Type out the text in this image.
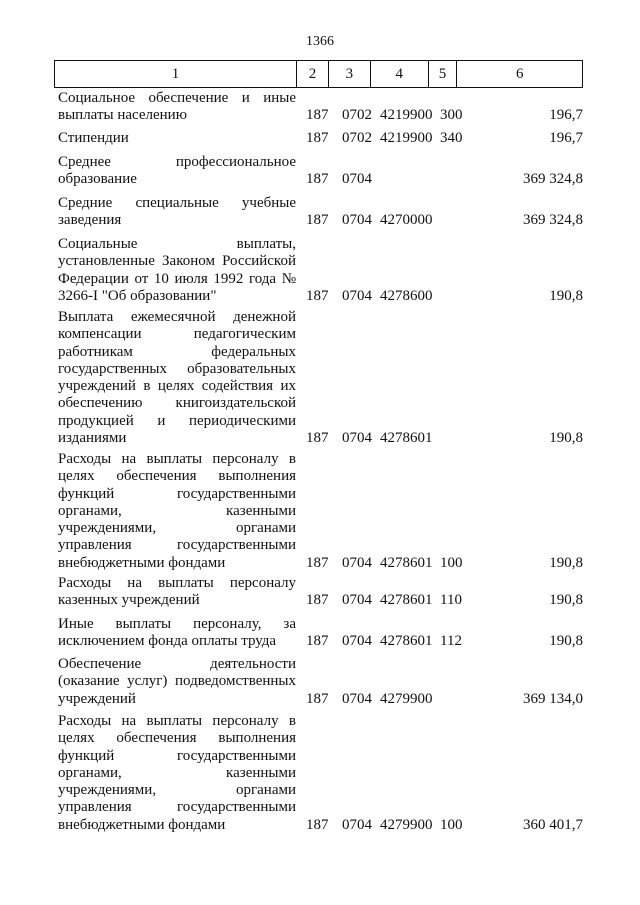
1366
1	2	3	4	5	6
Социальное обеспечение и иные выплаты населению	187 0702 4219900 300	196,7
Стипендии	187 0702 4219900 340	196,7
Среднее профессиональное образование	187 0704	369 324,8
Средние специальные учебные заведения	187 0704 4270000	369 324,8
Социальные выплаты, установленные Законом Российской Федерации от 10 июля 1992 года № 3266-I "Об образовании"	187 0704 4278600	190,8
Выплата ежемесячной денежной компенсации педагогическим работникам федеральных государственных образовательных учреждений в целях содействия их обеспечению книгоиздательской продукцией и периодическими изданиями	187 0704 4278601	190,8
Расходы на выплаты персоналу в целях обеспечения выполнения функций государственными органами, казенными учреждениями, органами управления государственными внебюджетными фондами	187 0704 4278601 100	190,8
Расходы на выплаты персоналу казенных учреждений	187 0704 4278601 110	190,8
Иные выплаты персоналу, за исключением фонда оплаты труда	187 0704 4278601 112	190,8
Обеспечение деятельности (оказание услуг) подведомственных учреждений	187 0704 4279900	369 134,0
Расходы на выплаты персоналу в целях обеспечения выполнения функций государственными органами, казенными учреждениями, органами управления государственными внебюджетными фондами	187 0704 4279900 100	360 401,7
